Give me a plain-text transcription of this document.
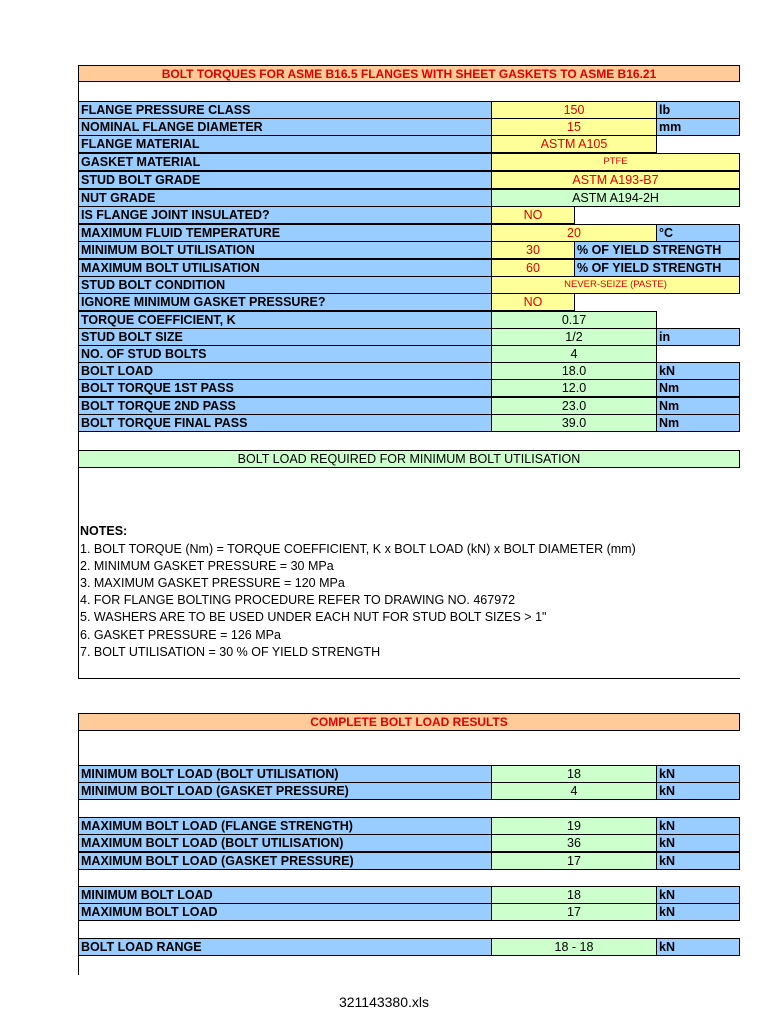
BOLT TORQUES FOR ASME B16.5 FLANGES WITH SHEET GASKETS TO ASME B16.21
FLANGE PRESSURE CLASS	150	lb
NOMINAL FLANGE DIAMETER	15	mm
FLANGE MATERIAL	ASTM A105
GASKET MATERIAL	PTFE
STUD BOLT GRADE	ASTM A193-B7
NUT GRADE	ASTM A194-2H
IS FLANGE JOINT INSULATED?	NO
MAXIMUM FLUID TEMPERATURE	20	°C
MINIMUM BOLT UTILISATION	30	% OF YIELD STRENGTH
MAXIMUM BOLT UTILISATION	60	% OF YIELD STRENGTH
STUD BOLT CONDITION	NEVER-SEIZE (PASTE)
IGNORE MINIMUM GASKET PRESSURE?	NO
TORQUE COEFFICIENT, K	0.17
STUD BOLT SIZE	1/2	in
NO. OF STUD BOLTS	4
BOLT LOAD	18.0	kN
BOLT TORQUE 1ST PASS	12.0	Nm
BOLT TORQUE 2ND PASS	23.0	Nm
BOLT TORQUE FINAL PASS	39.0	Nm
BOLT LOAD REQUIRED FOR MINIMUM BOLT UTILISATION
NOTES:
1. BOLT TORQUE (Nm) = TORQUE COEFFICIENT, K x BOLT LOAD (kN) x BOLT DIAMETER (mm)
2. MINIMUM GASKET PRESSURE = 30 MPa
3. MAXIMUM GASKET PRESSURE = 120 MPa
4. FOR FLANGE BOLTING PROCEDURE REFER TO DRAWING NO. 467972
5. WASHERS ARE TO BE USED UNDER EACH NUT FOR STUD BOLT SIZES > 1"
6. GASKET PRESSURE = 126 MPa
7. BOLT UTILISATION = 30 % OF YIELD STRENGTH
COMPLETE BOLT LOAD RESULTS
MINIMUM BOLT LOAD (BOLT UTILISATION)	18	kN
MINIMUM BOLT LOAD (GASKET PRESSURE)	4	kN
MAXIMUM BOLT LOAD (FLANGE STRENGTH)	19	kN
MAXIMUM BOLT LOAD (BOLT UTILISATION)	36	kN
MAXIMUM BOLT LOAD (GASKET PRESSURE)	17	kN
MINIMUM BOLT LOAD	18	kN
MAXIMUM BOLT LOAD	17	kN
BOLT LOAD RANGE	18 - 18	kN
321143380.xls
